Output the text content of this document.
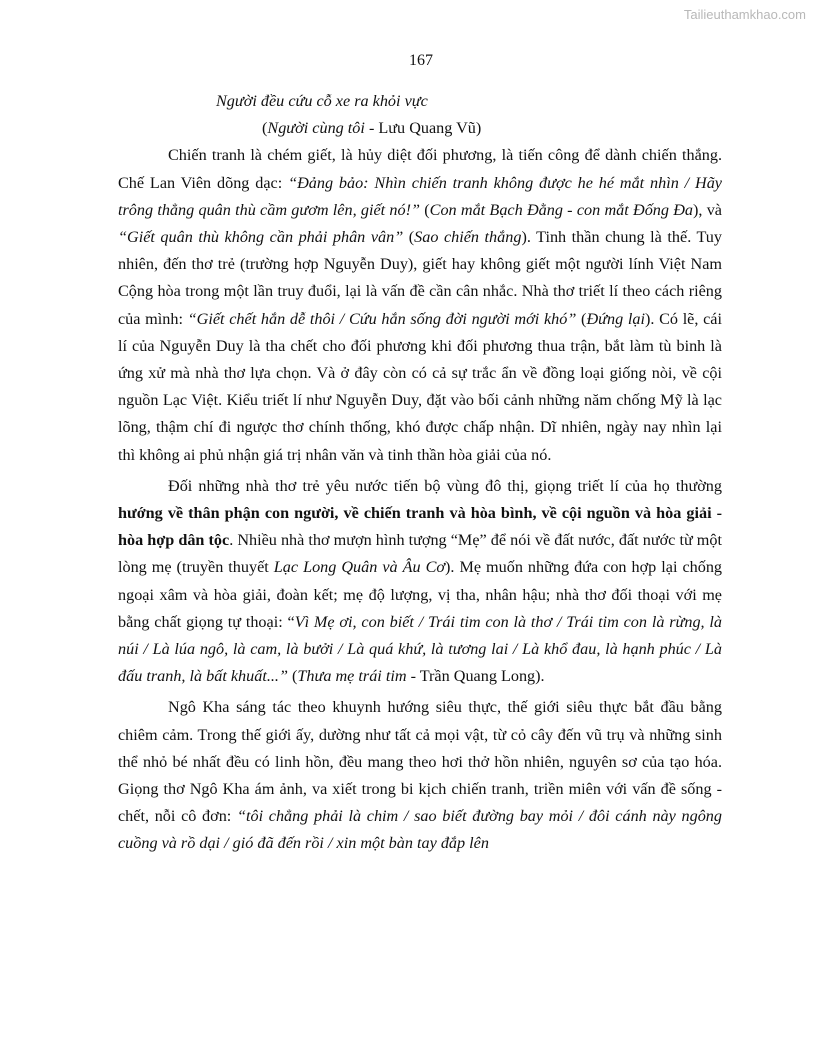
Tailieuthamkhao.com
167
Người đều cứu cỗ xe ra khỏi vực
(Người cùng tôi - Lưu Quang Vũ)

Chiến tranh là chém giết, là hủy diệt đối phương, là tiến công để dành chiến thắng. Chế Lan Viên dõng dạc: “Đảng bảo: Nhìn chiến tranh không được he hé mắt nhìn / Hãy trông thẳng quân thù cầm gươm lên, giết nó!” (Con mắt Bạch Đằng - con mắt Đống Đa), và “Giết quân thù không cần phải phân vân” (Sao chiến thắng). Tinh thần chung là thế. Tuy nhiên, đến thơ trẻ (trường hợp Nguyễn Duy), giết hay không giết một người lính Việt Nam Cộng hòa trong một lần truy đuổi, lại là vấn đề cần cân nhắc. Nhà thơ triết lí theo cách riêng của mình: “Giết chết hắn dễ thôi / Cứu hắn sống đời người mới khó” (Đứng lại). Có lẽ, cái lí của Nguyễn Duy là tha chết cho đối phương khi đối phương thua trận, bắt làm tù binh là ứng xử mà nhà thơ lựa chọn. Và ở đây còn có cả sự trắc ẩn về đồng loại giống nòi, về cội nguồn Lạc Việt. Kiểu triết lí như Nguyễn Duy, đặt vào bối cảnh những năm chống Mỹ là lạc lõng, thậm chí đi ngược thơ chính thống, khó được chấp nhận. Dĩ nhiên, ngày nay nhìn lại thì không ai phủ nhận giá trị nhân văn và tinh thần hòa giải của nó.

Đối những nhà thơ trẻ yêu nước tiến bộ vùng đô thị, giọng triết lí của họ thường hướng về thân phận con người, về chiến tranh và hòa bình, về cội nguồn và hòa giải - hòa hợp dân tộc. Nhiều nhà thơ mượn hình tượng “Mẹ” để nói về đất nước, đất nước từ một lòng mẹ (truyền thuyết Lạc Long Quân và Âu Cơ). Mẹ muốn những đứa con hợp lại chống ngoại xâm và hòa giải, đoàn kết; mẹ độ lượng, vị tha, nhân hậu; nhà thơ đối thoại với mẹ bằng chất giọng tự thoại: “Vì Mẹ ơi, con biết / Trái tim con là thơ / Trái tim con là rừng, là núi / Là lúa ngô, là cam, là bưởi / Là quá khứ, là tương lai / Là khổ đau, là hạnh phúc / Là đấu tranh, là bất khuất...” (Thưa mẹ trái tim - Trần Quang Long).

Ngô Kha sáng tác theo khuynh hướng siêu thực, thế giới siêu thực bắt đầu bằng chiêm cảm. Trong thế giới ấy, dường như tất cả mọi vật, từ cỏ cây đến vũ trụ và những sinh thể nhỏ bé nhất đều có linh hồn, đều mang theo hơi thở hồn nhiên, nguyên sơ của tạo hóa. Giọng thơ Ngô Kha ám ảnh, va xiết trong bi kịch chiến tranh, triền miên với vấn đề sống - chết, nỗi cô đơn: “tôi chẳng phải là chim / sao biết đường bay mỏi / đôi cánh này ngông cuồng và rồ dại / gió đã đến rồi / xin một bàn tay đắp lên
